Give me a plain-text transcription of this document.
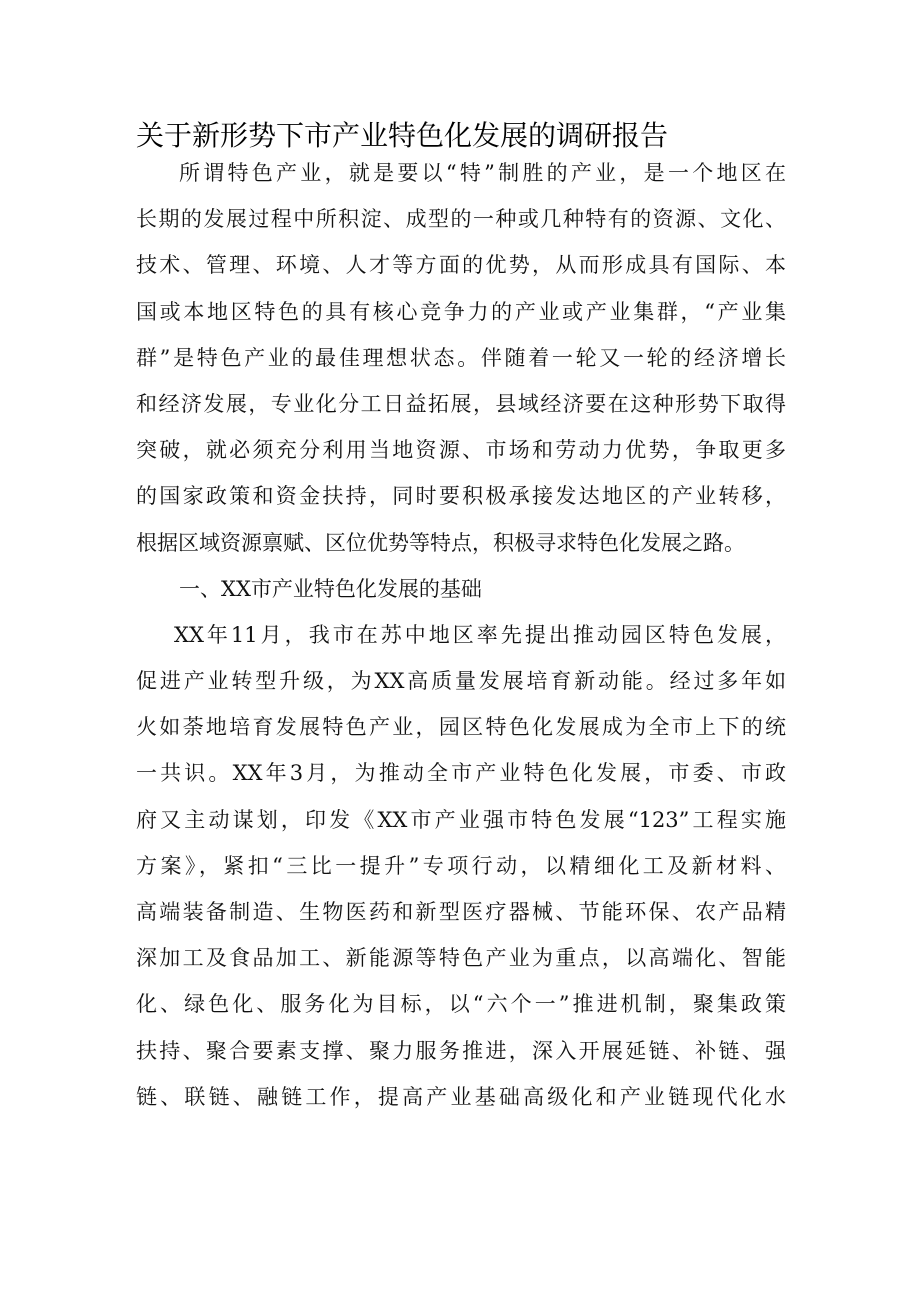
关于新形势下市产业特色化发展的调研报告
所谓特色产业，就是要以“特”制胜的产业，是一个地区在
长期的发展过程中所积淀、成型的一种或几种特有的资源、文化、
技术、管理、环境、人才等方面的优势，从而形成具有国际、本
国或本地区特色的具有核心竞争力的产业或产业集群，“产业集
群”是特色产业的最佳理想状态。伴随着一轮又一轮的经济增长
和经济发展，专业化分工日益拓展，县域经济要在这种形势下取得
突破，就必须充分利用当地资源、市场和劳动力优势，争取更多
的国家政策和资金扶持，同时要积极承接发达地区的产业转移，
根据区域资源禀赋、区位优势等特点，积极寻求特色化发展之路。
一、XX市产业特色化发展的基础
XX年11月，我市在苏中地区率先提出推动园区特色发展，
促进产业转型升级，为XX高质量发展培育新动能。经过多年如
火如荼地培育发展特色产业，园区特色化发展成为全市上下的统
一共识。XX年3月，为推动全市产业特色化发展，市委、市政
府又主动谋划，印发《XX市产业强市特色发展“123”工程实施
方案》，紧扣“三比一提升”专项行动，以精细化工及新材料、
高端装备制造、生物医药和新型医疗器械、节能环保、农产品精
深加工及食品加工、新能源等特色产业为重点，以高端化、智能
化、绿色化、服务化为目标，以“六个一”推进机制，聚集政策
扶持、聚合要素支撑、聚力服务推进，深入开展延链、补链、强
链、联链、融链工作，提高产业基础高级化和产业链现代化水
